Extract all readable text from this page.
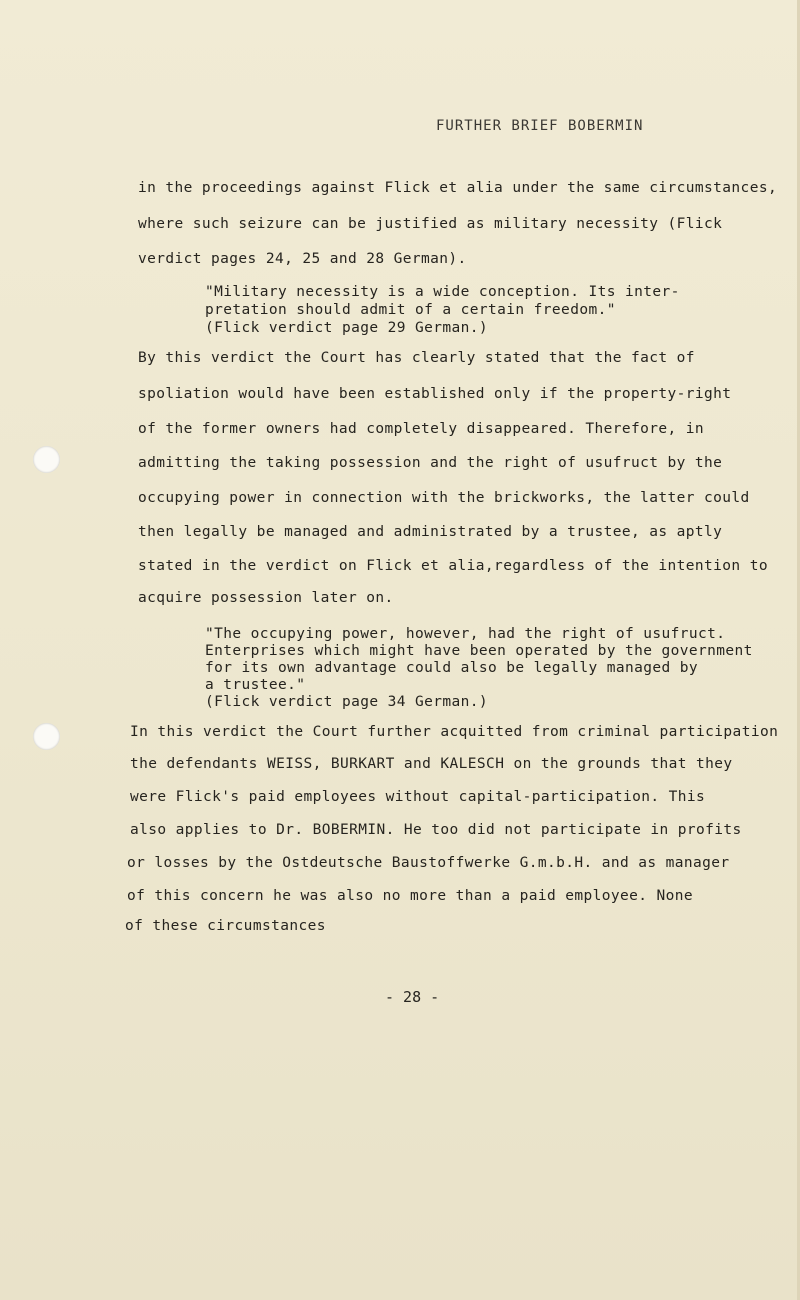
FURTHER BRIEF BOBERMIN
in the proceedings against Flick et alia under the same circumstances,
where such seizure can be justified as military necessity (Flick
verdict pages 24, 25 and 28 German).
"Military necessity is a wide conception. Its inter-
pretation should admit of a certain freedom."
(Flick verdict page 29 German.)
By this verdict the Court has clearly stated that the fact of
spoliation would have been established only if the property-right
of the former owners had completely disappeared. Therefore, in
admitting the taking possession and the right of usufruct by the
occupying power in connection with the brickworks, the latter could
then legally be managed and administrated by a trustee, as aptly
stated in the verdict on Flick et alia,regardless of the intention to
acquire possession later on.
"The occupying power, however, had the right of usufruct.
Enterprises which might have been operated by the government
for its own advantage could also be legally managed by
a trustee."
(Flick verdict page 34 German.)
In this verdict the Court further acquitted from criminal participation
the defendants WEISS, BURKART and KALESCH on the grounds that they
were Flick's paid employees without capital-participation. This
also applies to Dr. BOBERMIN. He too did not participate in profits
or losses by the Ostdeutsche Baustoffwerke G.m.b.H. and as manager
of this concern he was also no more than a paid employee. None
of these circumstances
- 28 -
